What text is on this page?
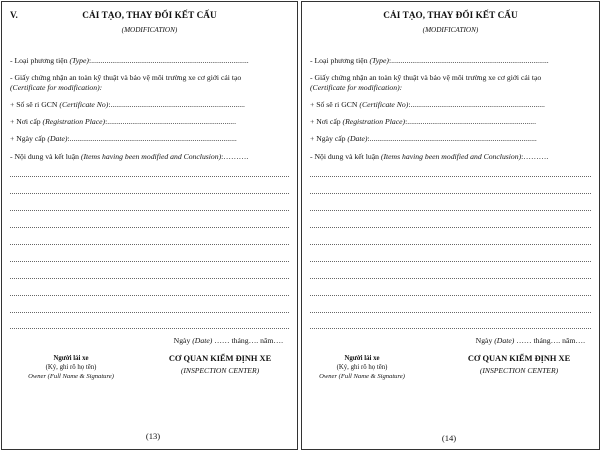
V.	CẢI TẠO, THAY ĐỔI KẾT CẤU
(MODIFICATION)
- Loại phương tiện (Type):..................................................................................
- Giấy chứng nhận an toàn kỹ thuật và bảo vệ môi trường xe cơ giới cải tạo
(Certificate for modification):
+ Số sê ri GCN (Certificate No):......................................................................
+ Nơi cấp (Registration Place):...................................................................
+ Ngày cấp (Date):.......................................................................................
- Nội dung và kết luận (Items having been modified and Conclusion):……….
Ngày (Date) …… tháng…. năm….
Người lái xe
(Ký, ghi rõ họ tên)
Owner (Full Name & Signature)
CƠ QUAN KIỂM ĐỊNH XE
(INSPECTION CENTER)
(13)
CẢI TẠO, THAY ĐỔI KẾT CẤU
(MODIFICATION)
- Loại phương tiện (Type):..................................................................................
- Giấy chứng nhận an toàn kỹ thuật và bảo vệ môi trường xe cơ giới cải tạo
(Certificate for modification):
+ Số sê ri GCN (Certificate No):......................................................................
+ Nơi cấp (Registration Place):...................................................................
+ Ngày cấp (Date):.......................................................................................
- Nội dung và kết luận (Items having been modified and Conclusion):……….
Ngày (Date) …… tháng…. năm….
Người lái xe
(Ký, ghi rõ họ tên)
Owner (Full Name & Signature)
CƠ QUAN KIỂM ĐỊNH XE
(INSPECTION CENTER)
(14)
